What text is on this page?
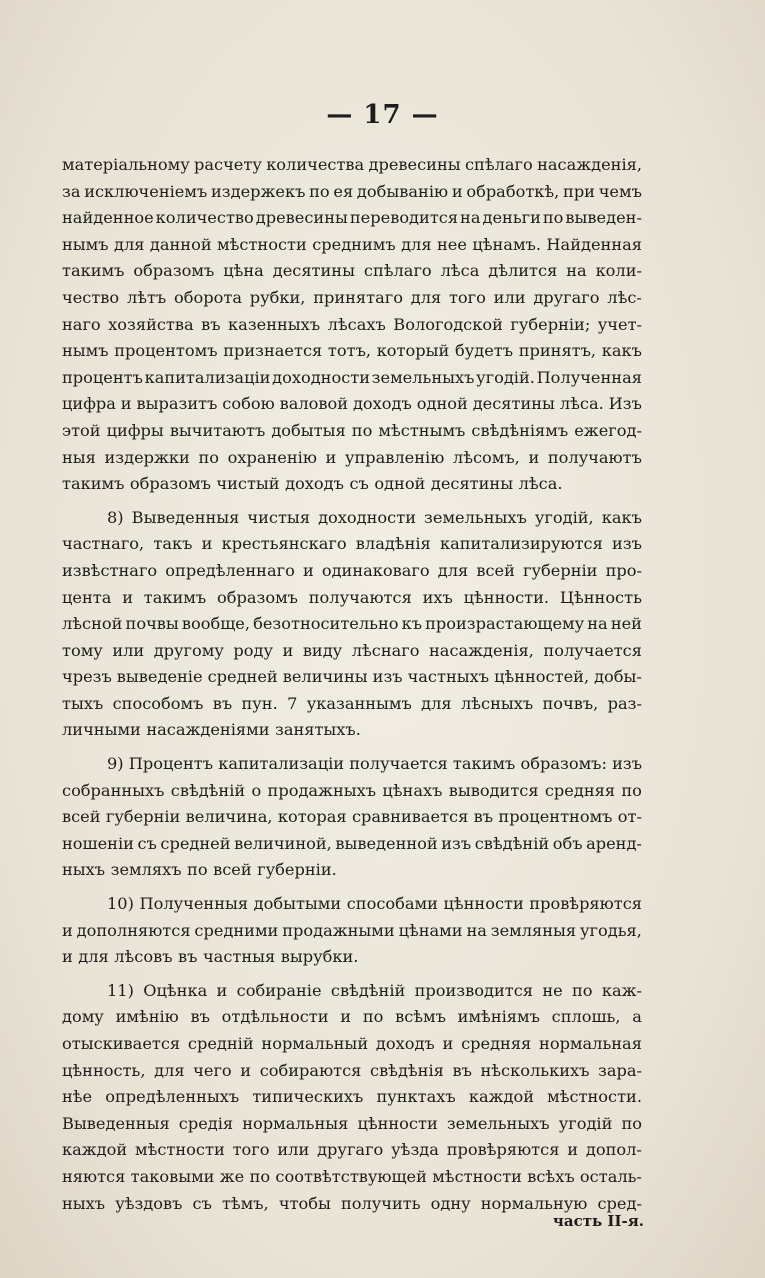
— 17 —
матеріальному расчету количества древесины спѣлаго насажденія,
за исключеніемъ издержекъ по ея добыванію и обработкѣ, при чемъ
найденное количество древесины переводится на деньги по выведен-
нымъ для данной мѣстности среднимъ для нее цѣнамъ. Найденная
такимъ образомъ цѣна десятины спѣлаго лѣса дѣлится на коли-
чество лѣтъ оборота рубки, принятаго для того или другаго лѣс-
наго хозяйства въ казенныхъ лѣсахъ Вологодской губерніи; учет-
нымъ процентомъ признается тотъ, который будетъ принятъ, какъ
процентъ капитализаціи доходности земельныхъ угодій. Полученная
цифра и выразитъ собою валовой доходъ одной десятины лѣса. Изъ
этой цифры вычитаютъ добытыя по мѣстнымъ свѣдѣніямъ ежегод-
ныя издержки по охраненію и управленію лѣсомъ, и получаютъ
такимъ образомъ чистый доходъ съ одной десятины лѣса.
8) Выведенныя чистыя доходности земельныхъ угодій, какъ
частнаго, такъ и крестьянскаго владѣнія капитализируются изъ
извѣстнаго опредѣленнаго и одинаковаго для всей губерніи про-
цента и такимъ образомъ получаются ихъ цѣнности. Цѣнность
лѣсной почвы вообще, безотносительно къ произрастающему на ней
тому или другому роду и виду лѣснаго насажденія, получается
чрезъ выведеніе средней величины изъ частныхъ цѣнностей, добы-
тыхъ способомъ въ пун. 7 указаннымъ для лѣсныхъ почвъ, раз-
личными насажденіями занятыхъ.
9) Процентъ капитализаціи получается такимъ образомъ: изъ
собранныхъ свѣдѣній о продажныхъ цѣнахъ выводится средняя по
всей губерніи величина, которая сравнивается въ процентномъ от-
ношеніи съ средней величиной, выведенной изъ свѣдѣній объ аренд-
ныхъ земляхъ по всей губерніи.
10) Полученныя добытыми способами цѣнности провѣряются
и дополняются средними продажными цѣнами на земляныя угодья,
и для лѣсовъ въ частныя вырубки.
11) Оцѣнка и собираніе свѣдѣній производится не по каж-
дому имѣнію въ отдѣльности и по всѣмъ имѣніямъ сплошь, а
отыскивается средній нормальный доходъ и средняя нормальная
цѣнность, для чего и собираются свѣдѣнія въ нѣсколькихъ зара-
нѣе опредѣленныхъ типическихъ пунктахъ каждой мѣстности.
Выведенныя средія нормальныя цѣнности земельныхъ угодій по
каждой мѣстности того или другаго уѣзда провѣряются и допол-
няются таковыми же по соотвѣтствующей мѣстности всѣхъ осталь-
ныхъ уѣздовъ съ тѣмъ, чтобы получить одну нормальную сред-
часть II-я.
